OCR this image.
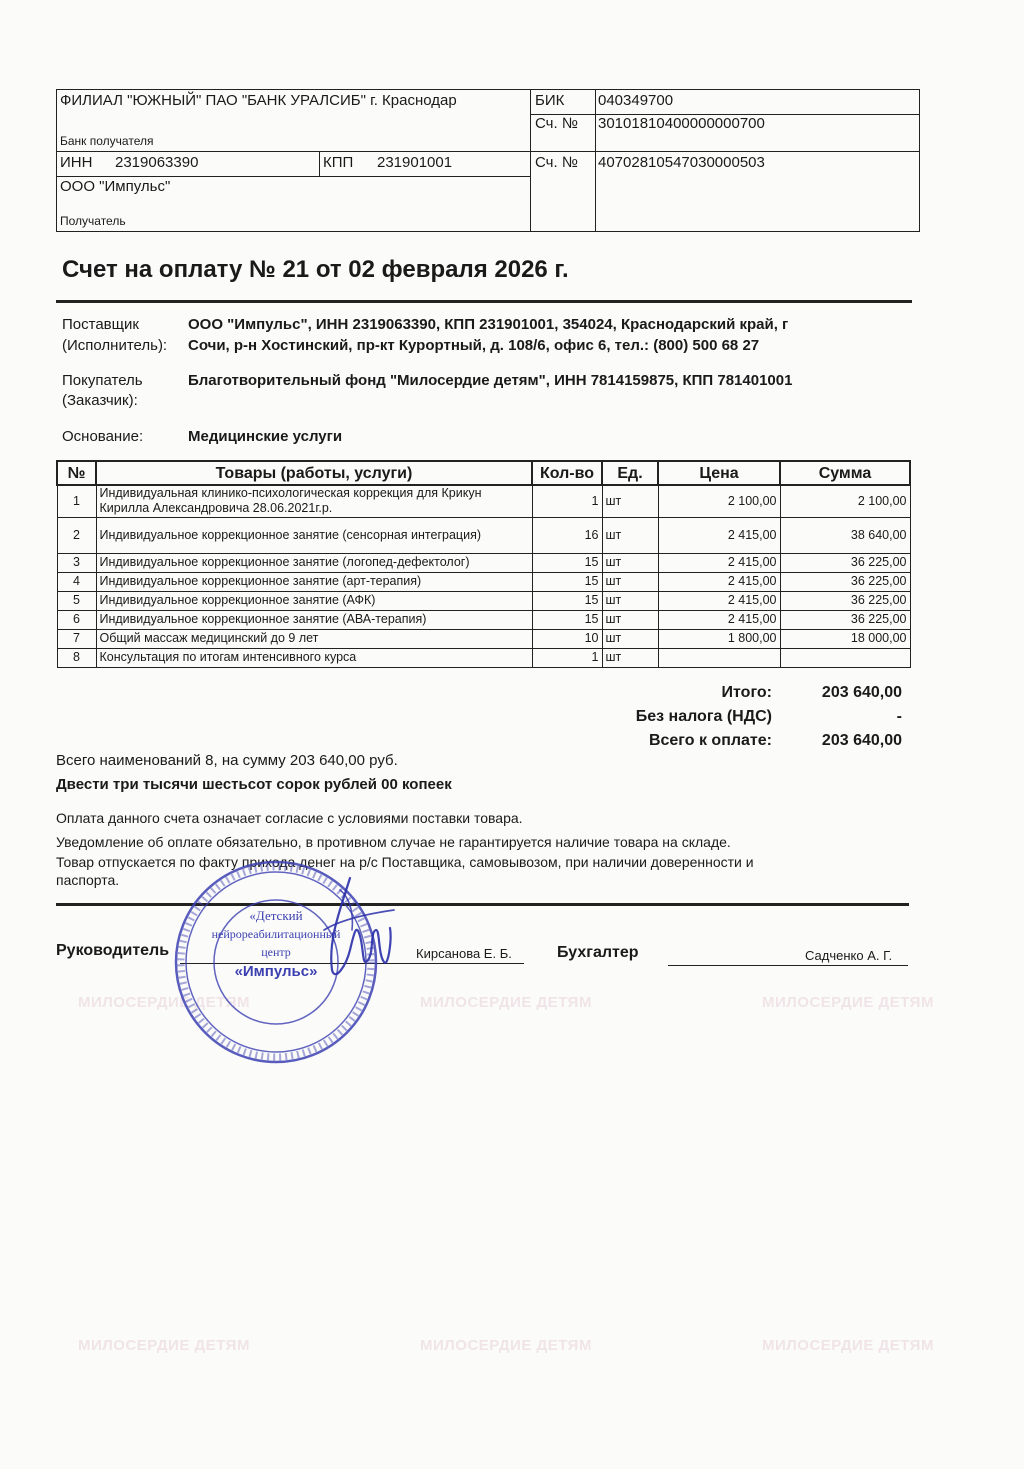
МИЛОСЕРДИЕ ДЕТЯМ	МИЛОСЕРДИЕ ДЕТЯМ	МИЛОСЕРДИЕ ДЕТЯМ
МИЛОСЕРДИЕ ДЕТЯМ	МИЛОСЕРДИЕ ДЕТЯМ	МИЛОСЕРДИЕ ДЕТЯМ
ФИЛИАЛ "ЮЖНЫЙ" ПАО "БАНК УРАЛСИБ" г. Краснодар
Банк получателя
БИК 040349700
Сч. № 30101810400000000700
ИНН 2319063390	КПП 231901001	Сч. № 40702810547030000503
ООО "Импульс"
Получатель
Счет на оплату № 21 от 02 февраля 2026 г.
Поставщик
(Исполнитель):
ООО "Импульс", ИНН 2319063390, КПП 231901001, 354024, Краснодарский край, г
Сочи, р-н Хостинский, пр-кт Курортный, д. 108/6, офис 6, тел.: (800) 500 68 27
Покупатель
(Заказчик):
Благотворительный фонд "Милосердие детям", ИНН 7814159875, КПП 781401001
Основание:	Медицинские услуги
№	Товары (работы, услуги)	Кол-во	Ед.	Цена	Сумма
1	Индивидуальная клинико-психологическая коррекция для Крикун Кирилла Александровича 28.06.2021г.р.	1	шт	2 100,00	2 100,00
2	Индивидуальное коррекционное занятие (сенсорная интеграция)	16	шт	2 415,00	38 640,00
3	Индивидуальное коррекционное занятие (логопед-дефектолог)	15	шт	2 415,00	36 225,00
4	Индивидуальное коррекционное занятие (арт-терапия)	15	шт	2 415,00	36 225,00
5	Индивидуальное коррекционное занятие (АФК)	15	шт	2 415,00	36 225,00
6	Индивидуальное коррекционное занятие (АВА-терапия)	15	шт	2 415,00	36 225,00
7	Общий массаж медицинский до 9 лет	10	шт	1 800,00	18 000,00
8	Консультация по итогам интенсивного курса	1	шт		
Итого:	203 640,00
Без налога (НДС)	-
Всего к оплате:	203 640,00
Всего наименований 8, на сумму 203 640,00 руб.
Двести три тысячи шестьсот сорок рублей 00 копеек
Оплата данного счета означает согласие с условиями поставки товара.
Уведомление об оплате обязательно, в противном случае не гарантируется наличие товара на складе.
Товар отпускается по факту прихода денег на р/с Поставщика, самовывозом, при наличии доверенности и
паспорта.
Руководитель	Кирсанова Е. Б.	Бухгалтер	Садченко А. Г.
«Детский
нейрореабилитационный
центр
«Импульс»
